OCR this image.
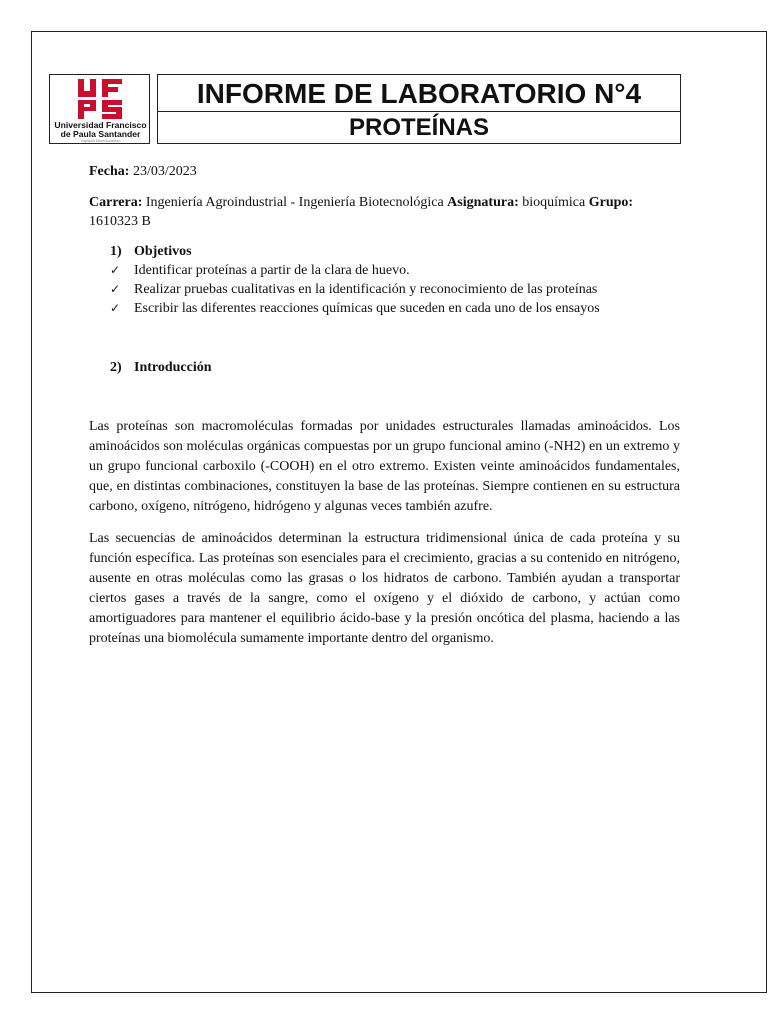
Universidad Francisco
de Paula Santander
Vigilada Mineducación
INFORME DE LABORATORIO N°4
PROTEÍNAS

Fecha: 23/03/2023

Carrera: Ingeniería Agroindustrial - Ingeniería Biotecnológica Asignatura: bioquímica Grupo: 1610323 B

1) Objetivos
✓ Identificar proteínas a partir de la clara de huevo.
✓ Realizar pruebas cualitativas en la identificación y reconocimiento de las proteínas
✓ Escribir las diferentes reacciones químicas que suceden en cada uno de los ensayos
2) Introducción

Las proteínas son macromoléculas formadas por unidades estructurales llamadas aminoácidos. Los aminoácidos son moléculas orgánicas compuestas por un grupo funcional amino (-NH2) en un extremo y un grupo funcional carboxilo (-COOH) en el otro extremo. Existen veinte aminoácidos fundamentales, que, en distintas combinaciones, constituyen la base de las proteínas. Siempre contienen en su estructura carbono, oxígeno, nitrógeno, hidrógeno y algunas veces también azufre.

Las secuencias de aminoácidos determinan la estructura tridimensional única de cada proteína y su función específica. Las proteínas son esenciales para el crecimiento, gracias a su contenido en nitrógeno, ausente en otras moléculas como las grasas o los hidratos de carbono. También ayudan a transportar ciertos gases a través de la sangre, como el oxígeno y el dióxido de carbono, y actúan como amortiguadores para mantener el equilibrio ácido-base y la presión oncótica del plasma, haciendo a las proteínas una biomolécula sumamente importante dentro del organismo.
